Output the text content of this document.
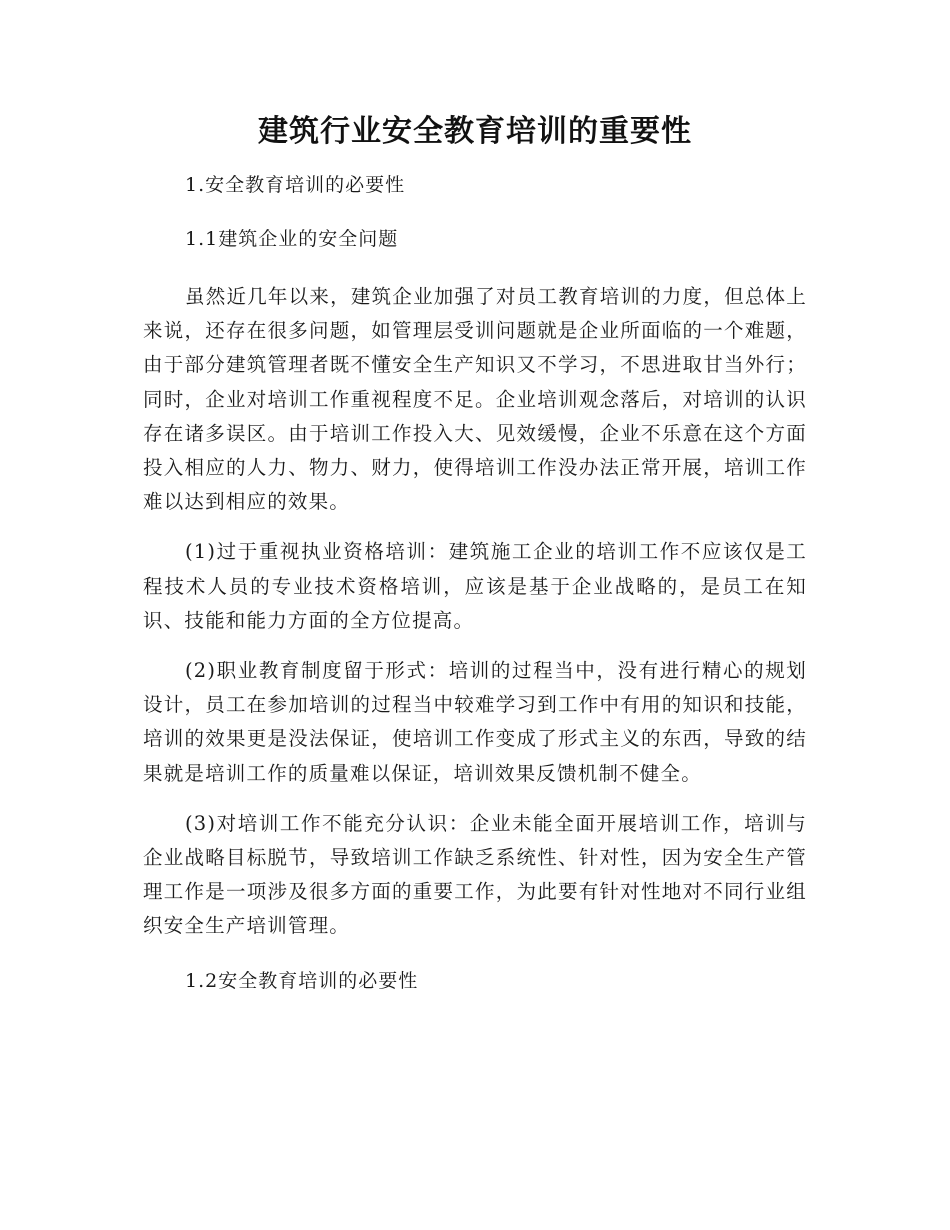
建筑行业安全教育培训的重要性

1.安全教育培训的必要性

1.1建筑企业的安全问题

虽然近几年以来，建筑企业加强了对员工教育培训的力度，但总体上来说，还存在很多问题，如管理层受训问题就是企业所面临的一个难题，由于部分建筑管理者既不懂安全生产知识又不学习，不思进取甘当外行；同时，企业对培训工作重视程度不足。企业培训观念落后，对培训的认识存在诸多误区。由于培训工作投入大、见效缓慢，企业不乐意在这个方面投入相应的人力、物力、财力，使得培训工作没办法正常开展，培训工作难以达到相应的效果。

(1)过于重视执业资格培训：建筑施工企业的培训工作不应该仅是工程技术人员的专业技术资格培训，应该是基于企业战略的，是员工在知识、技能和能力方面的全方位提高。

(2)职业教育制度留于形式：培训的过程当中，没有进行精心的规划设计，员工在参加培训的过程当中较难学习到工作中有用的知识和技能，培训的效果更是没法保证，使培训工作变成了形式主义的东西，导致的结果就是培训工作的质量难以保证，培训效果反馈机制不健全。

(3)对培训工作不能充分认识：企业未能全面开展培训工作，培训与企业战略目标脱节，导致培训工作缺乏系统性、针对性，因为安全生产管理工作是一项涉及很多方面的重要工作，为此要有针对性地对不同行业组织安全生产培训管理。

1.2安全教育培训的必要性
